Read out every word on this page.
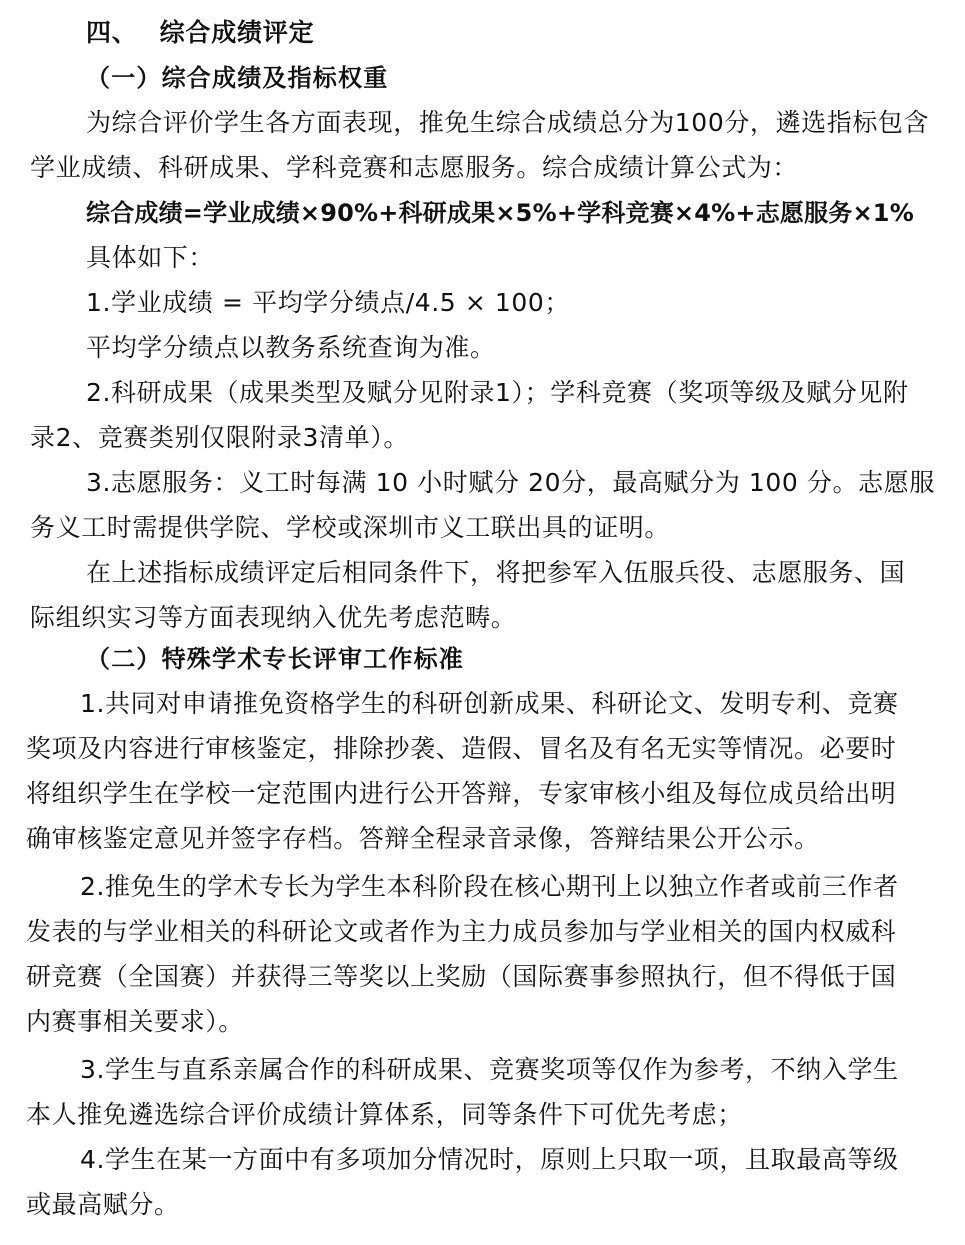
四、 综合成绩评定
（一）综合成绩及指标权重
为综合评价学生各方面表现，推免生综合成绩总分为100分，遴选指标包含
学业成绩、科研成果、学科竞赛和志愿服务。综合成绩计算公式为：
综合成绩=学业成绩×90%+科研成果×5%+学科竞赛×4%+志愿服务×1%
具体如下：
1.学业成绩 = 平均学分绩点/4.5 × 100；
平均学分绩点以教务系统查询为准。
2.科研成果（成果类型及赋分见附录1）；学科竞赛（奖项等级及赋分见附
录2、竞赛类别仅限附录3清单）。
3.志愿服务：义工时每满 10 小时赋分 20分，最高赋分为 100 分。志愿服
务义工时需提供学院、学校或深圳市义工联出具的证明。
在上述指标成绩评定后相同条件下，将把参军入伍服兵役、志愿服务、国
际组织实习等方面表现纳入优先考虑范畴。
（二）特殊学术专长评审工作标准
1.共同对申请推免资格学生的科研创新成果、科研论文、发明专利、竞赛
奖项及内容进行审核鉴定，排除抄袭、造假、冒名及有名无实等情况。必要时
将组织学生在学校一定范围内进行公开答辩，专家审核小组及每位成员给出明
确审核鉴定意见并签字存档。答辩全程录音录像，答辩结果公开公示。
2.推免生的学术专长为学生本科阶段在核心期刊上以独立作者或前三作者
发表的与学业相关的科研论文或者作为主力成员参加与学业相关的国内权威科
研竞赛（全国赛）并获得三等奖以上奖励（国际赛事参照执行，但不得低于国
内赛事相关要求）。
3.学生与直系亲属合作的科研成果、竞赛奖项等仅作为参考，不纳入学生
本人推免遴选综合评价成绩计算体系，同等条件下可优先考虑；
4.学生在某一方面中有多项加分情况时，原则上只取一项，且取最高等级
或最高赋分。
